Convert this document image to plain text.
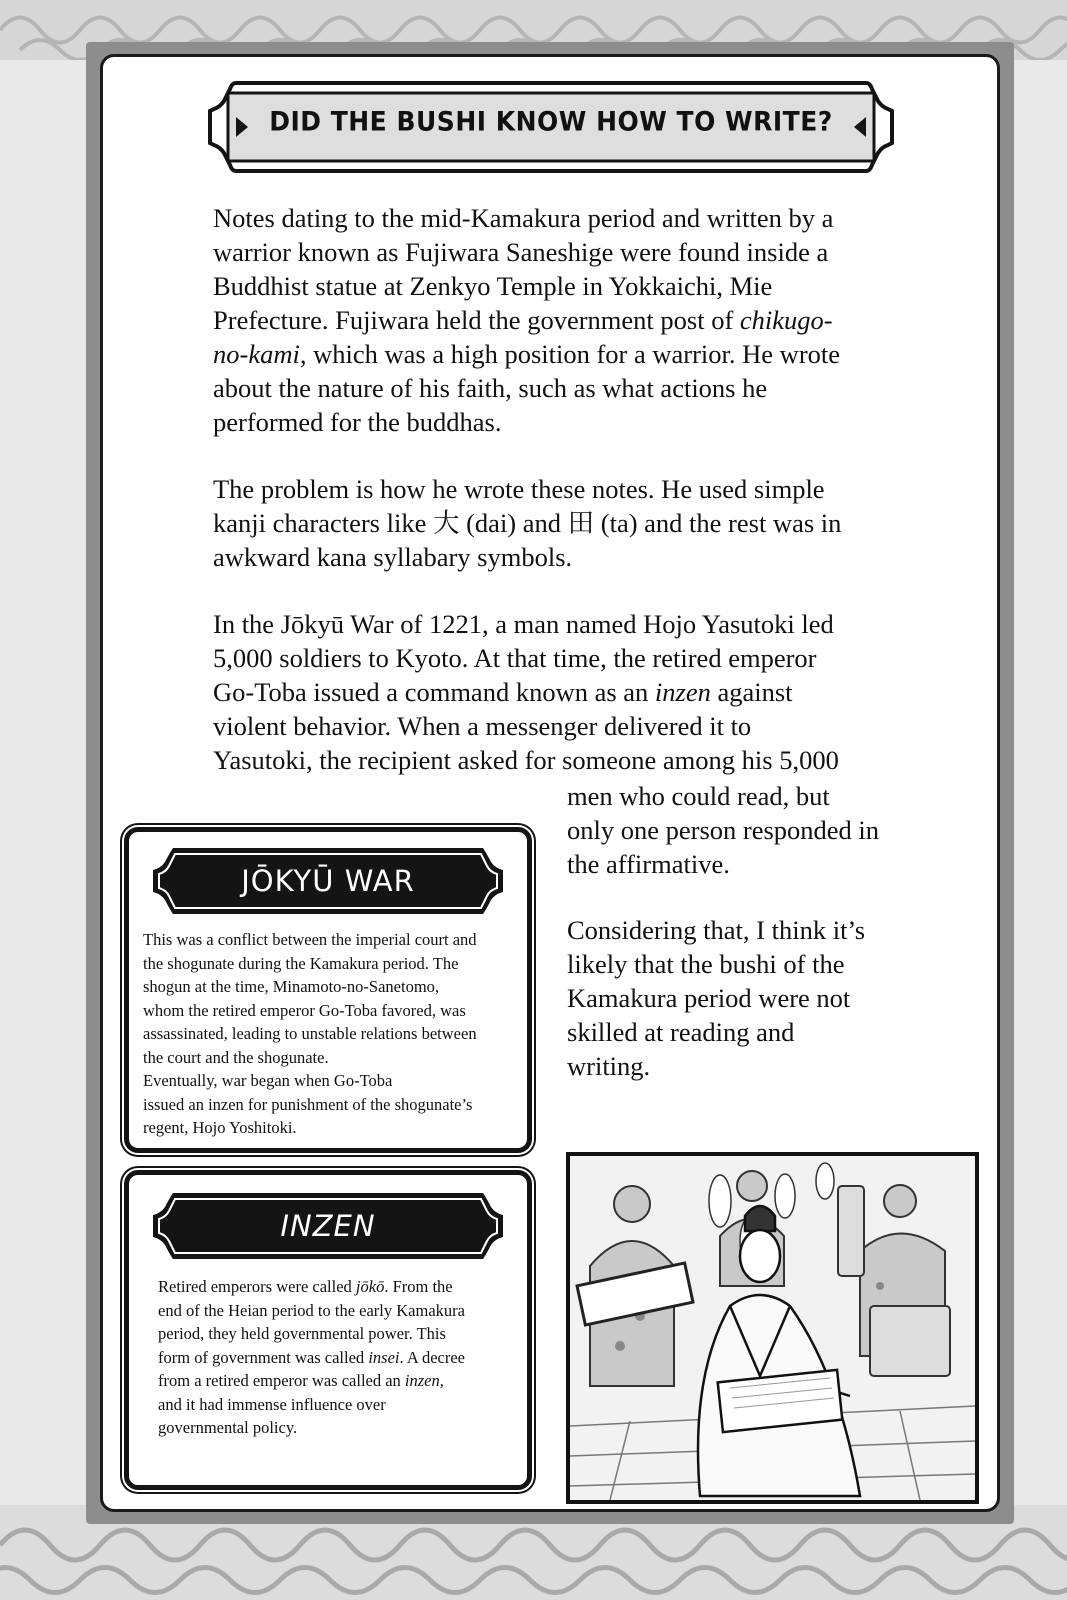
DID THE BUSHI KNOW HOW TO WRITE?

Notes dating to the mid-Kamakura period and written by a
warrior known as Fujiwara Saneshige were found inside a
Buddhist statue at Zenkyo Temple in Yokkaichi, Mie
Prefecture. Fujiwara held the government post of chikugo-
no-kami, which was a high position for a warrior. He wrote
about the nature of his faith, such as what actions he
performed for the buddhas.

The problem is how he wrote these notes. He used simple
kanji characters like 大 (dai) and 田 (ta) and the rest was in
awkward kana syllabary symbols.

In the Jōkyū War of 1221, a man named Hojo Yasutoki led
5,000 soldiers to Kyoto. At that time, the retired emperor
Go-Toba issued a command known as an inzen against
violent behavior. When a messenger delivered it to
Yasutoki, the recipient asked for someone among his 5,000

men who could read, but
only one person responded in
the affirmative.
Considering that, I think it’s
likely that the bushi of the
Kamakura period were not
skilled at reading and
writing.
JŌKYŪ WAR

This was a conflict between the imperial court and

the shogunate during the Kamakura period. The

shogun at the time, Minamoto-no-Sanetomo,

whom the retired emperor Go-Toba favored, was

assassinated, leading to unstable relations between

the court and the shogunate.

Eventually, war began when Go-Toba

issued an inzen for punishment of the shogunate’s

regent, Hojo Yoshitoki.

INZEN

Retired emperors were called jōkō. From the

end of the Heian period to the early Kamakura

period, they held governmental power. This

form of government was called insei. A decree

from a retired emperor was called an inzen,

and it had immense influence over

governmental policy.
